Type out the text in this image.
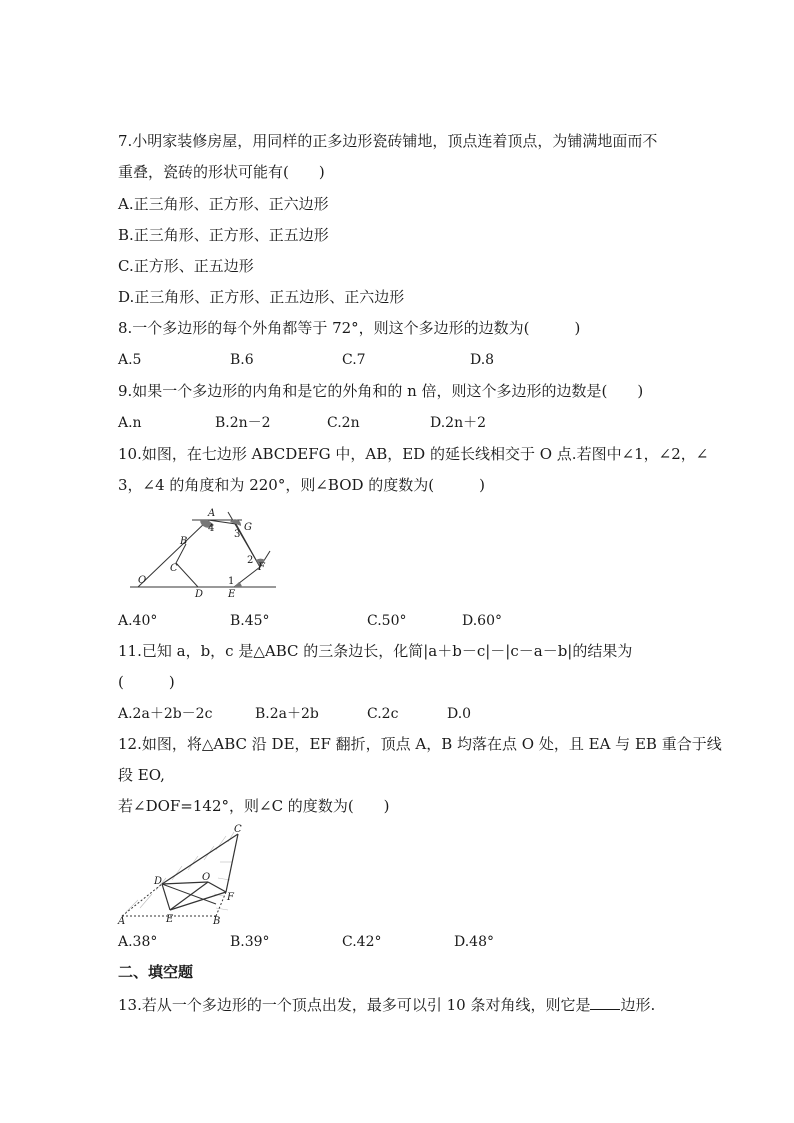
7.小明家装修房屋，用同样的正多边形瓷砖铺地，顶点连着顶点，为铺满地面而不
重叠，瓷砖的形状可能有(　　)
A.正三角形、正方形、正六边形
B.正三角形、正方形、正五边形
C.正方形、正五边形
D.正三角形、正方形、正五边形、正六边形
8.一个多边形的每个外角都等于 72°，则这个多边形的边数为(　　　)
A.5	B.6	C.7	D.8
9.如果一个多边形的内角和是它的外角和的 n 倍，则这个多边形的边数是(　　)
A.n	B.2n－2	C.2n	D.2n＋2
10.如图，在七边形 ABCDEFG 中，AB，ED 的延长线相交于 O 点.若图中∠1，∠2，∠
3，∠4 的角度和为 220°，则∠BOD 的度数为(　　　)
A
4	G
3
B
2
F
C
O	1
D E
A.40°	B.45°	C.50°	D.60°
11.已知 a，b，c 是△ABC 的三条边长，化简|a＋b－c|－|c－a－b|的结果为
(　　　)
A.2a＋2b－2c	B.2a＋2b	C.2c	D.0
12.如图，将△ABC 沿 DE，EF 翻折，顶点 A，B 均落在点 O 处，且 EA 与 EB 重合于线
段 EO,
若∠DOF=142°，则∠C 的度数为(　　)
C
D	O
F
A	E	B
A.38°	B.39°	C.42°	D.48°
二、填空题
13.若从一个多边形的一个顶点出发，最多可以引 10 条对角线，则它是 边形.
